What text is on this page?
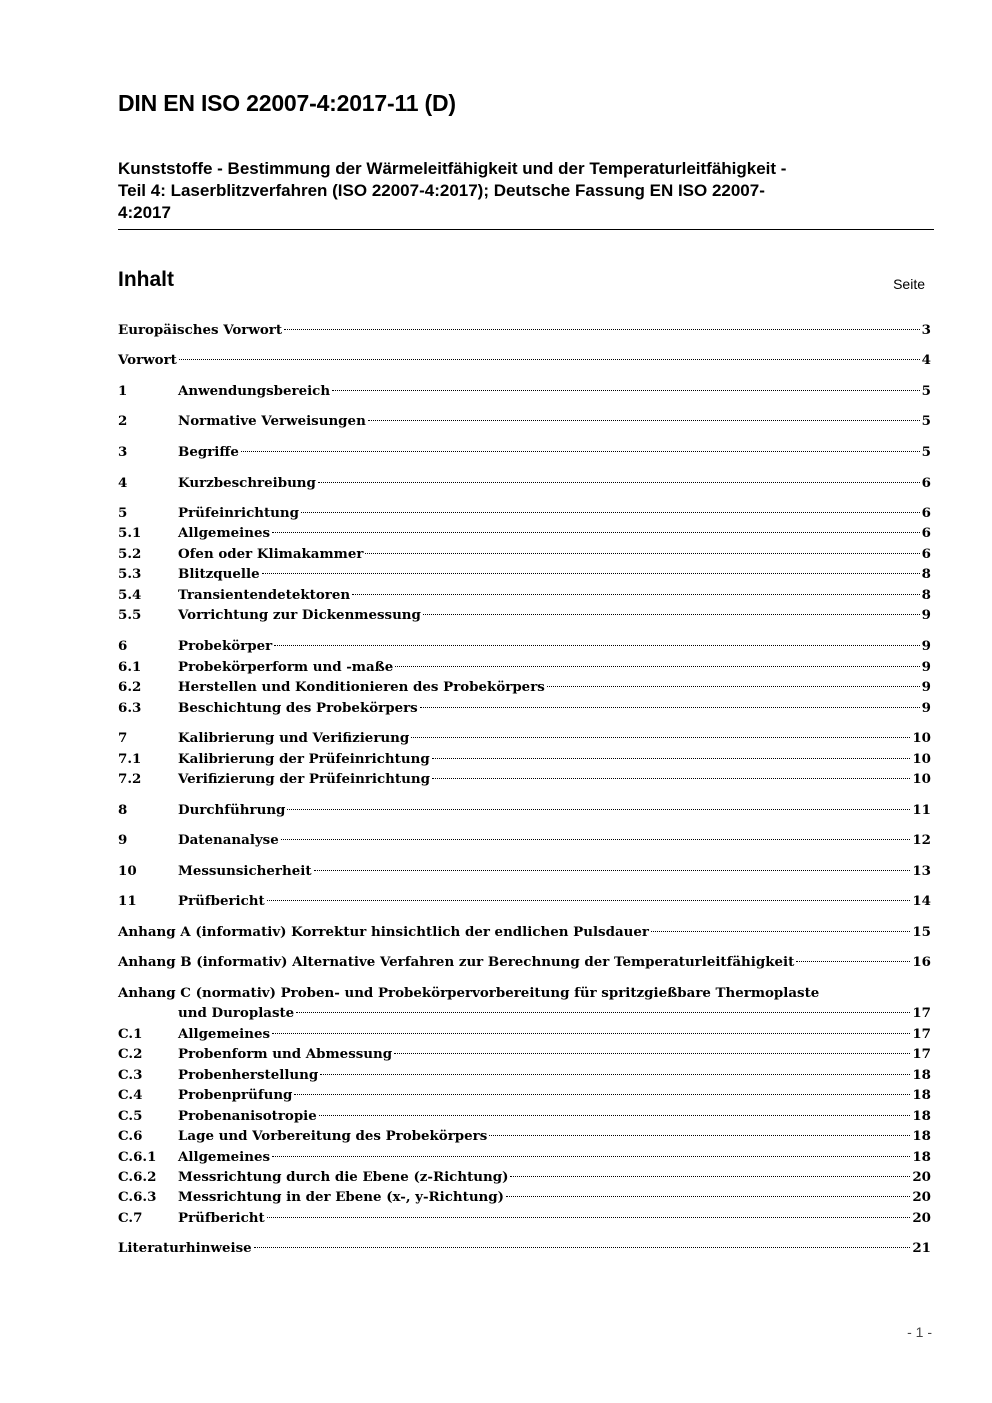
DIN EN ISO 22007-4:2017-11 (D)
Kunststoffe - Bestimmung der Wärmeleitfähigkeit und der Temperaturleitfähigkeit -
Teil 4: Laserblitzverfahren (ISO 22007-4:2017); Deutsche Fassung EN ISO 22007-
4:2017
Inhalt	Seite
Europäisches Vorwort	3
Vorwort	4
1	Anwendungsbereich	5
2	Normative Verweisungen	5
3	Begriffe	5
4	Kurzbeschreibung	6
5	Prüfeinrichtung	6
5.1	Allgemeines	6
5.2	Ofen oder Klimakammer	6
5.3	Blitzquelle	8
5.4	Transientendetektoren	8
5.5	Vorrichtung zur Dickenmessung	9
6	Probekörper	9
6.1	Probekörperform und -maße	9
6.2	Herstellen und Konditionieren des Probekörpers	9
6.3	Beschichtung des Probekörpers	9
7	Kalibrierung und Verifizierung	10
7.1	Kalibrierung der Prüfeinrichtung	10
7.2	Verifizierung der Prüfeinrichtung	10
8	Durchführung	11
9	Datenanalyse	12
10	Messunsicherheit	13
11	Prüfbericht	14
Anhang A (informativ) Korrektur hinsichtlich der endlichen Pulsdauer	15
Anhang B (informativ) Alternative Verfahren zur Berechnung der Temperaturleitfähigkeit	16
Anhang C (normativ) Proben- und Probekörpervorbereitung für spritzgießbare Thermoplaste
und Duroplaste	17
C.1	Allgemeines	17
C.2	Probenform und Abmessung	17
C.3	Probenherstellung	18
C.4	Probenprüfung	18
C.5	Probenanisotropie	18
C.6	Lage und Vorbereitung des Probekörpers	18
C.6.1	Allgemeines	18
C.6.2	Messrichtung durch die Ebene (z-Richtung)	20
C.6.3	Messrichtung in der Ebene (x-, y-Richtung)	20
C.7	Prüfbericht	20
Literaturhinweise	21
- 1 -
